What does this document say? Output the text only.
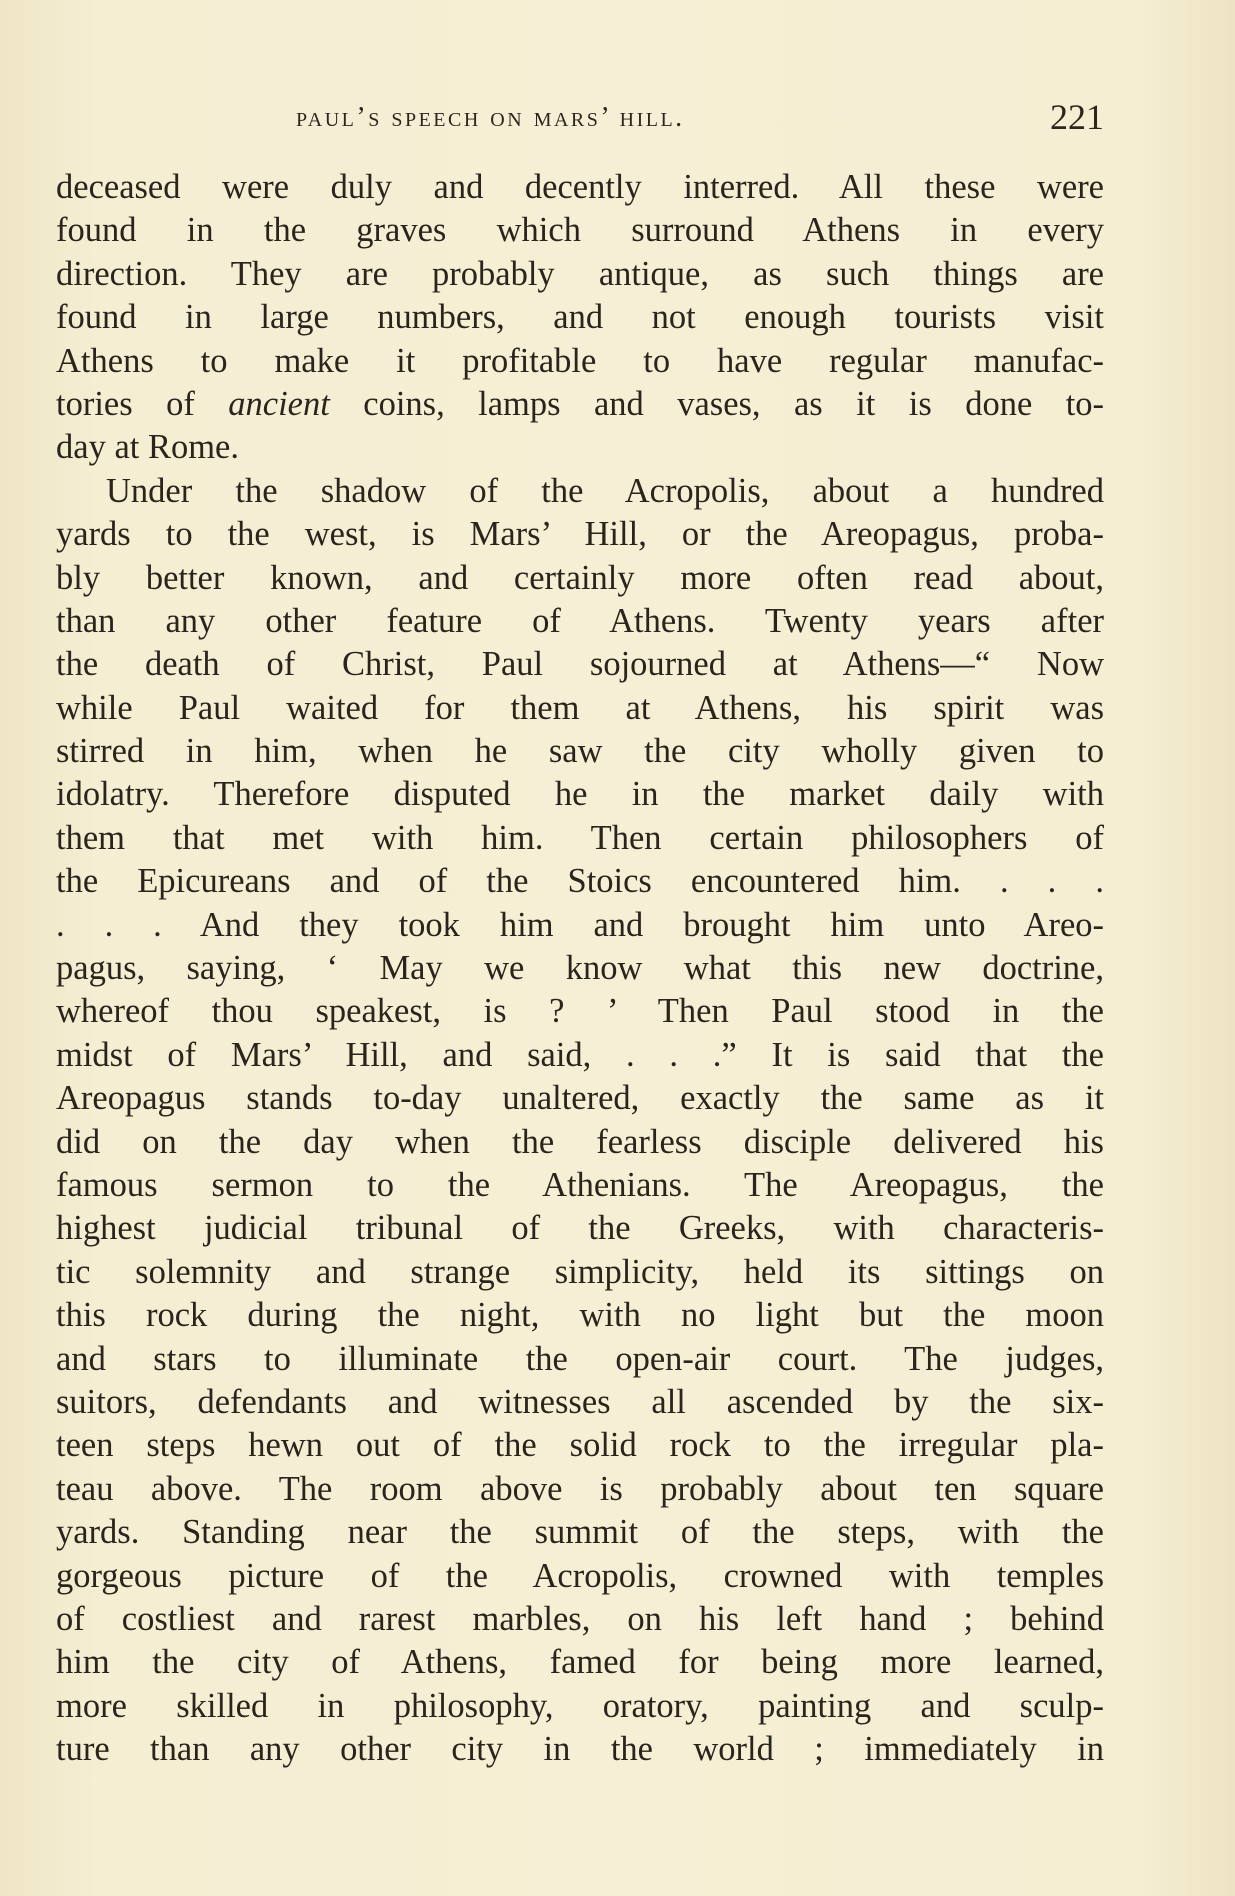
paul’s speech on mars’ hill.	221
deceased were duly and decently interred. All these were
found in the graves which surround Athens in every
direction. They are probably antique, as such things are
found in large numbers, and not enough tourists visit
Athens to make it profitable to have regular manufac-
tories of ancient coins, lamps and vases, as it is done to-
day at Rome.
Under the shadow of the Acropolis, about a hundred
yards to the west, is Mars’ Hill, or the Areopagus, proba-
bly better known, and certainly more often read about,
than any other feature of Athens. Twenty years after
the death of Christ, Paul sojourned at Athens—“ Now
while Paul waited for them at Athens, his spirit was
stirred in him, when he saw the city wholly given to
idolatry. Therefore disputed he in the market daily with
them that met with him. Then certain philosophers of
the Epicureans and of the Stoics encountered him. . . .
. . . And they took him and brought him unto Areo-
pagus, saying, ‘ May we know what this new doctrine,
whereof thou speakest, is ? ’ Then Paul stood in the
midst of Mars’ Hill, and said, . . .” It is said that the
Areopagus stands to-day unaltered, exactly the same as it
did on the day when the fearless disciple delivered his
famous sermon to the Athenians. The Areopagus, the
highest judicial tribunal of the Greeks, with characteris-
tic solemnity and strange simplicity, held its sittings on
this rock during the night, with no light but the moon
and stars to illuminate the open-air court. The judges,
suitors, defendants and witnesses all ascended by the six-
teen steps hewn out of the solid rock to the irregular pla-
teau above. The room above is probably about ten square
yards. Standing near the summit of the steps, with the
gorgeous picture of the Acropolis, crowned with temples
of costliest and rarest marbles, on his left hand ; behind
him the city of Athens, famed for being more learned,
more skilled in philosophy, oratory, painting and sculp-
ture than any other city in the world ; immediately in
